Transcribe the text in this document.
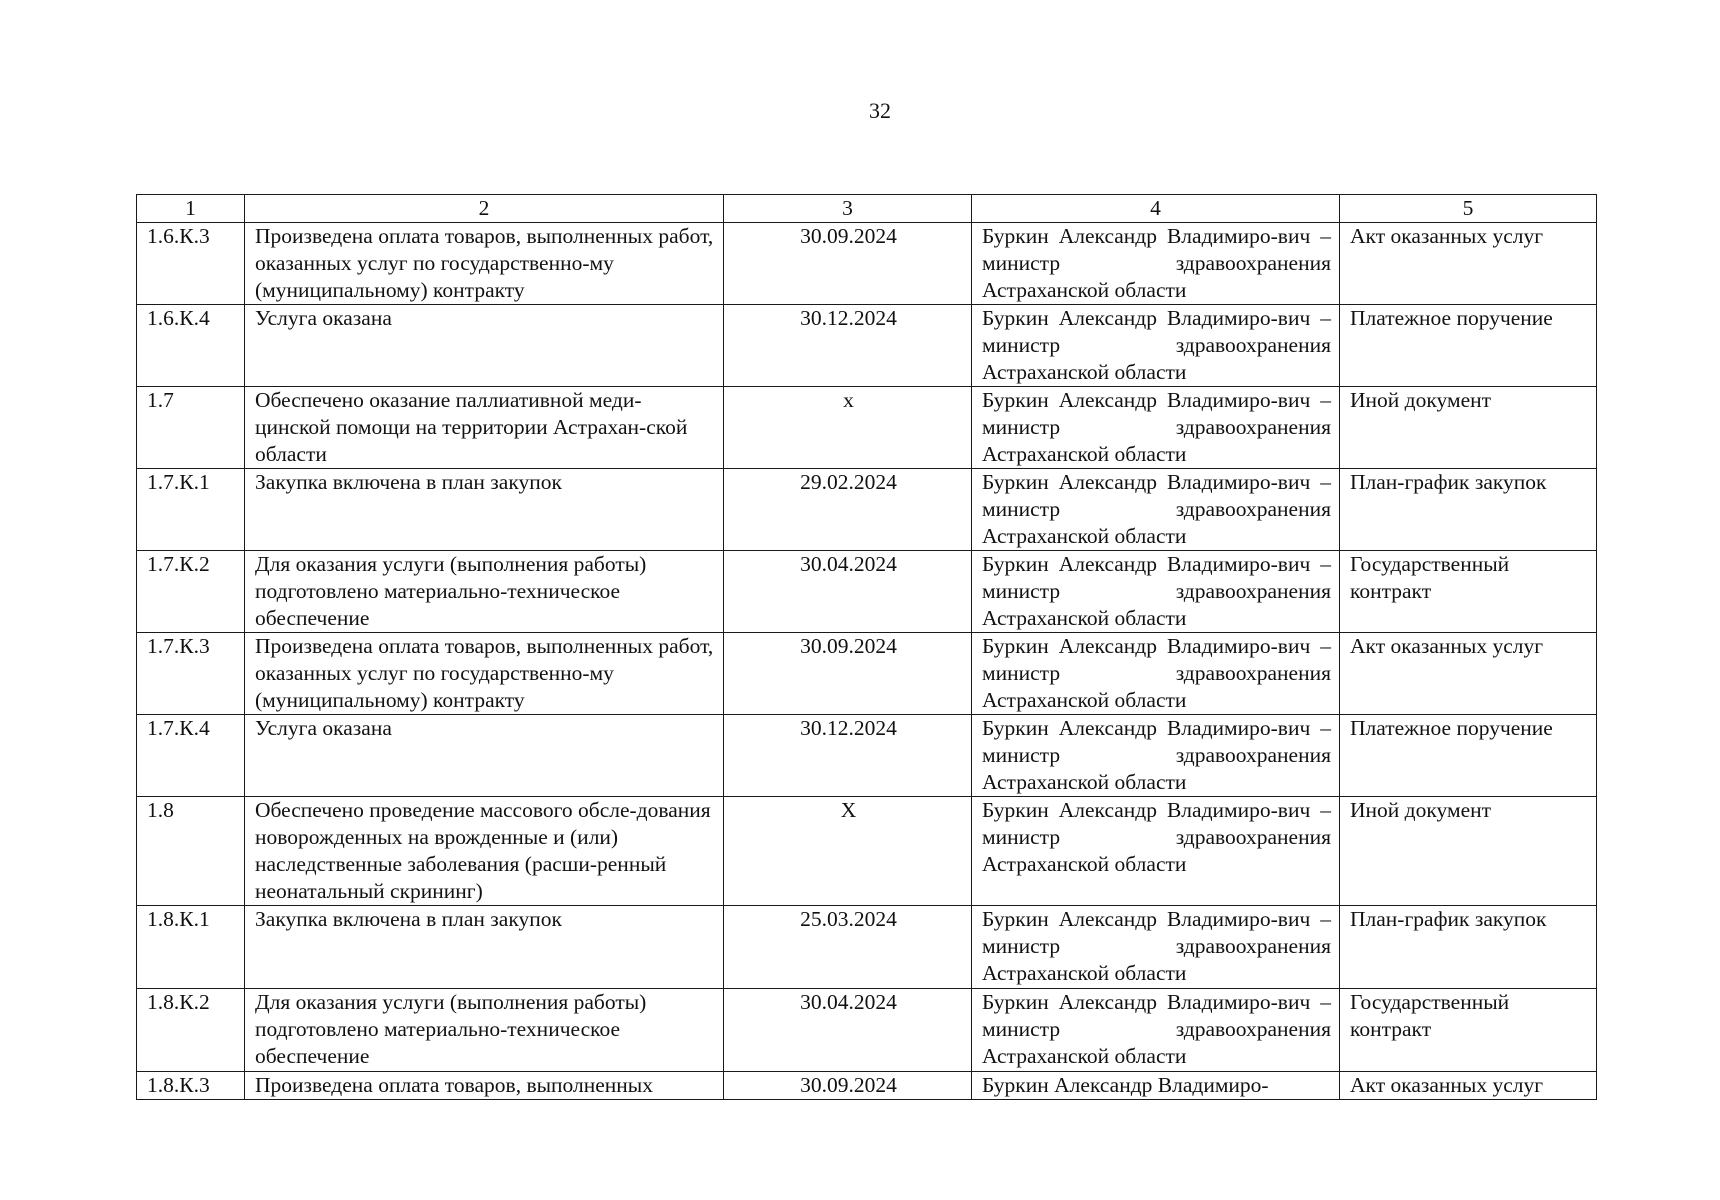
32
1	2	3	4	5
1.6.К.3	Произведена оплата товаров, выполненных работ, оказанных услуг по государственно-му (муниципальному) контракту	30.09.2024	Буркин Александр Владимиро-вич – министр здравоохранения Астраханской области	Акт оказанных услуг
1.6.К.4	Услуга оказана	30.12.2024	Буркин Александр Владимиро-вич – министр здравоохранения Астраханской области	Платежное поручение
1.7	Обеспечено оказание паллиативной меди-цинской помощи на территории Астрахан-ской области	x	Буркин Александр Владимиро-вич – министр здравоохранения Астраханской области	Иной документ
1.7.К.1	Закупка включена в план закупок	29.02.2024	Буркин Александр Владимиро-вич – министр здравоохранения Астраханской области	План-график закупок
1.7.К.2	Для оказания услуги (выполнения работы) подготовлено материально-техническое обеспечение	30.04.2024	Буркин Александр Владимиро-вич – министр здравоохранения Астраханской области	Государственный контракт
1.7.К.3	Произведена оплата товаров, выполненных работ, оказанных услуг по государственно-му (муниципальному) контракту	30.09.2024	Буркин Александр Владимиро-вич – министр здравоохранения Астраханской области	Акт оказанных услуг
1.7.К.4	Услуга оказана	30.12.2024	Буркин Александр Владимиро-вич – министр здравоохранения Астраханской области	Платежное поручение
1.8	Обеспечено проведение массового обсле-дования новорожденных на врожденные и (или) наследственные заболевания (расши-ренный неонатальный скрининг)	X	Буркин Александр Владимиро-вич – министр здравоохранения Астраханской области	Иной документ
1.8.К.1	Закупка включена в план закупок	25.03.2024	Буркин Александр Владимиро-вич – министр здравоохранения Астраханской области	План-график закупок
1.8.К.2	Для оказания услуги (выполнения работы) подготовлено материально-техническое обеспечение	30.04.2024	Буркин Александр Владимиро-вич – министр здравоохранения Астраханской области	Государственный контракт
1.8.К.3	Произведена оплата товаров, выполненных	30.09.2024	Буркин Александр Владимиро-	Акт оказанных услуг
